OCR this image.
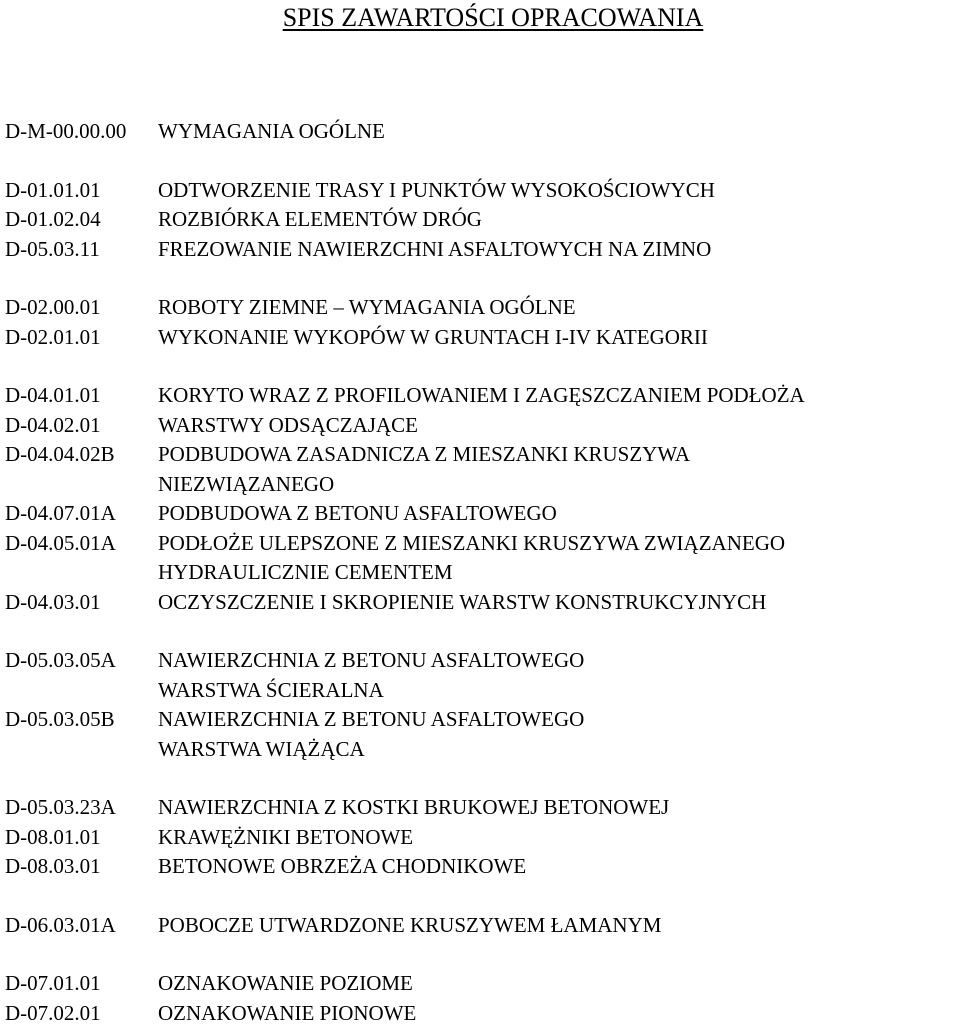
SPIS ZAWARTOŚCI OPRACOWANIA
D-M-00.00.00 WYMAGANIA OGÓLNE
D-01.01.01	ODTWORZENIE TRASY I PUNKTÓW WYSOKOŚCIOWYCH
D-01.02.04	ROZBIÓRKA ELEMENTÓW DRÓG
D-05.03.11	FREZOWANIE NAWIERZCHNI ASFALTOWYCH NA ZIMNO
D-02.00.01	ROBOTY ZIEMNE – WYMAGANIA OGÓLNE
D-02.01.01	WYKONANIE WYKOPÓW W GRUNTACH I-IV KATEGORII
D-04.01.01	KORYTO WRAZ Z PROFILOWANIEM I ZAGĘSZCZANIEM PODŁOŻA
D-04.02.01	WARSTWY ODSĄCZAJĄCE
D-04.04.02B PODBUDOWA ZASADNICZA Z MIESZANKI KRUSZYWA
NIEZWIĄZANEGO
D-04.07.01A PODBUDOWA Z BETONU ASFALTOWEGO
D-04.05.01A PODŁOŻE ULEPSZONE Z MIESZANKI KRUSZYWA ZWIĄZANEGO
HYDRAULICZNIE CEMENTEM
D-04.03.01	OCZYSZCZENIE I SKROPIENIE WARSTW KONSTRUKCYJNYCH
D-05.03.05A NAWIERZCHNIA Z BETONU ASFALTOWEGO
WARSTWA ŚCIERALNA
D-05.03.05B NAWIERZCHNIA Z BETONU ASFALTOWEGO
WARSTWA WIĄŻĄCA
D-05.03.23A NAWIERZCHNIA Z KOSTKI BRUKOWEJ BETONOWEJ
D-08.01.01	KRAWĘŻNIKI BETONOWE
D-08.03.01	BETONOWE OBRZEŻA CHODNIKOWE
D-06.03.01A POBOCZE UTWARDZONE KRUSZYWEM ŁAMANYM
D-07.01.01	OZNAKOWANIE POZIOME
D-07.02.01	OZNAKOWANIE PIONOWE
